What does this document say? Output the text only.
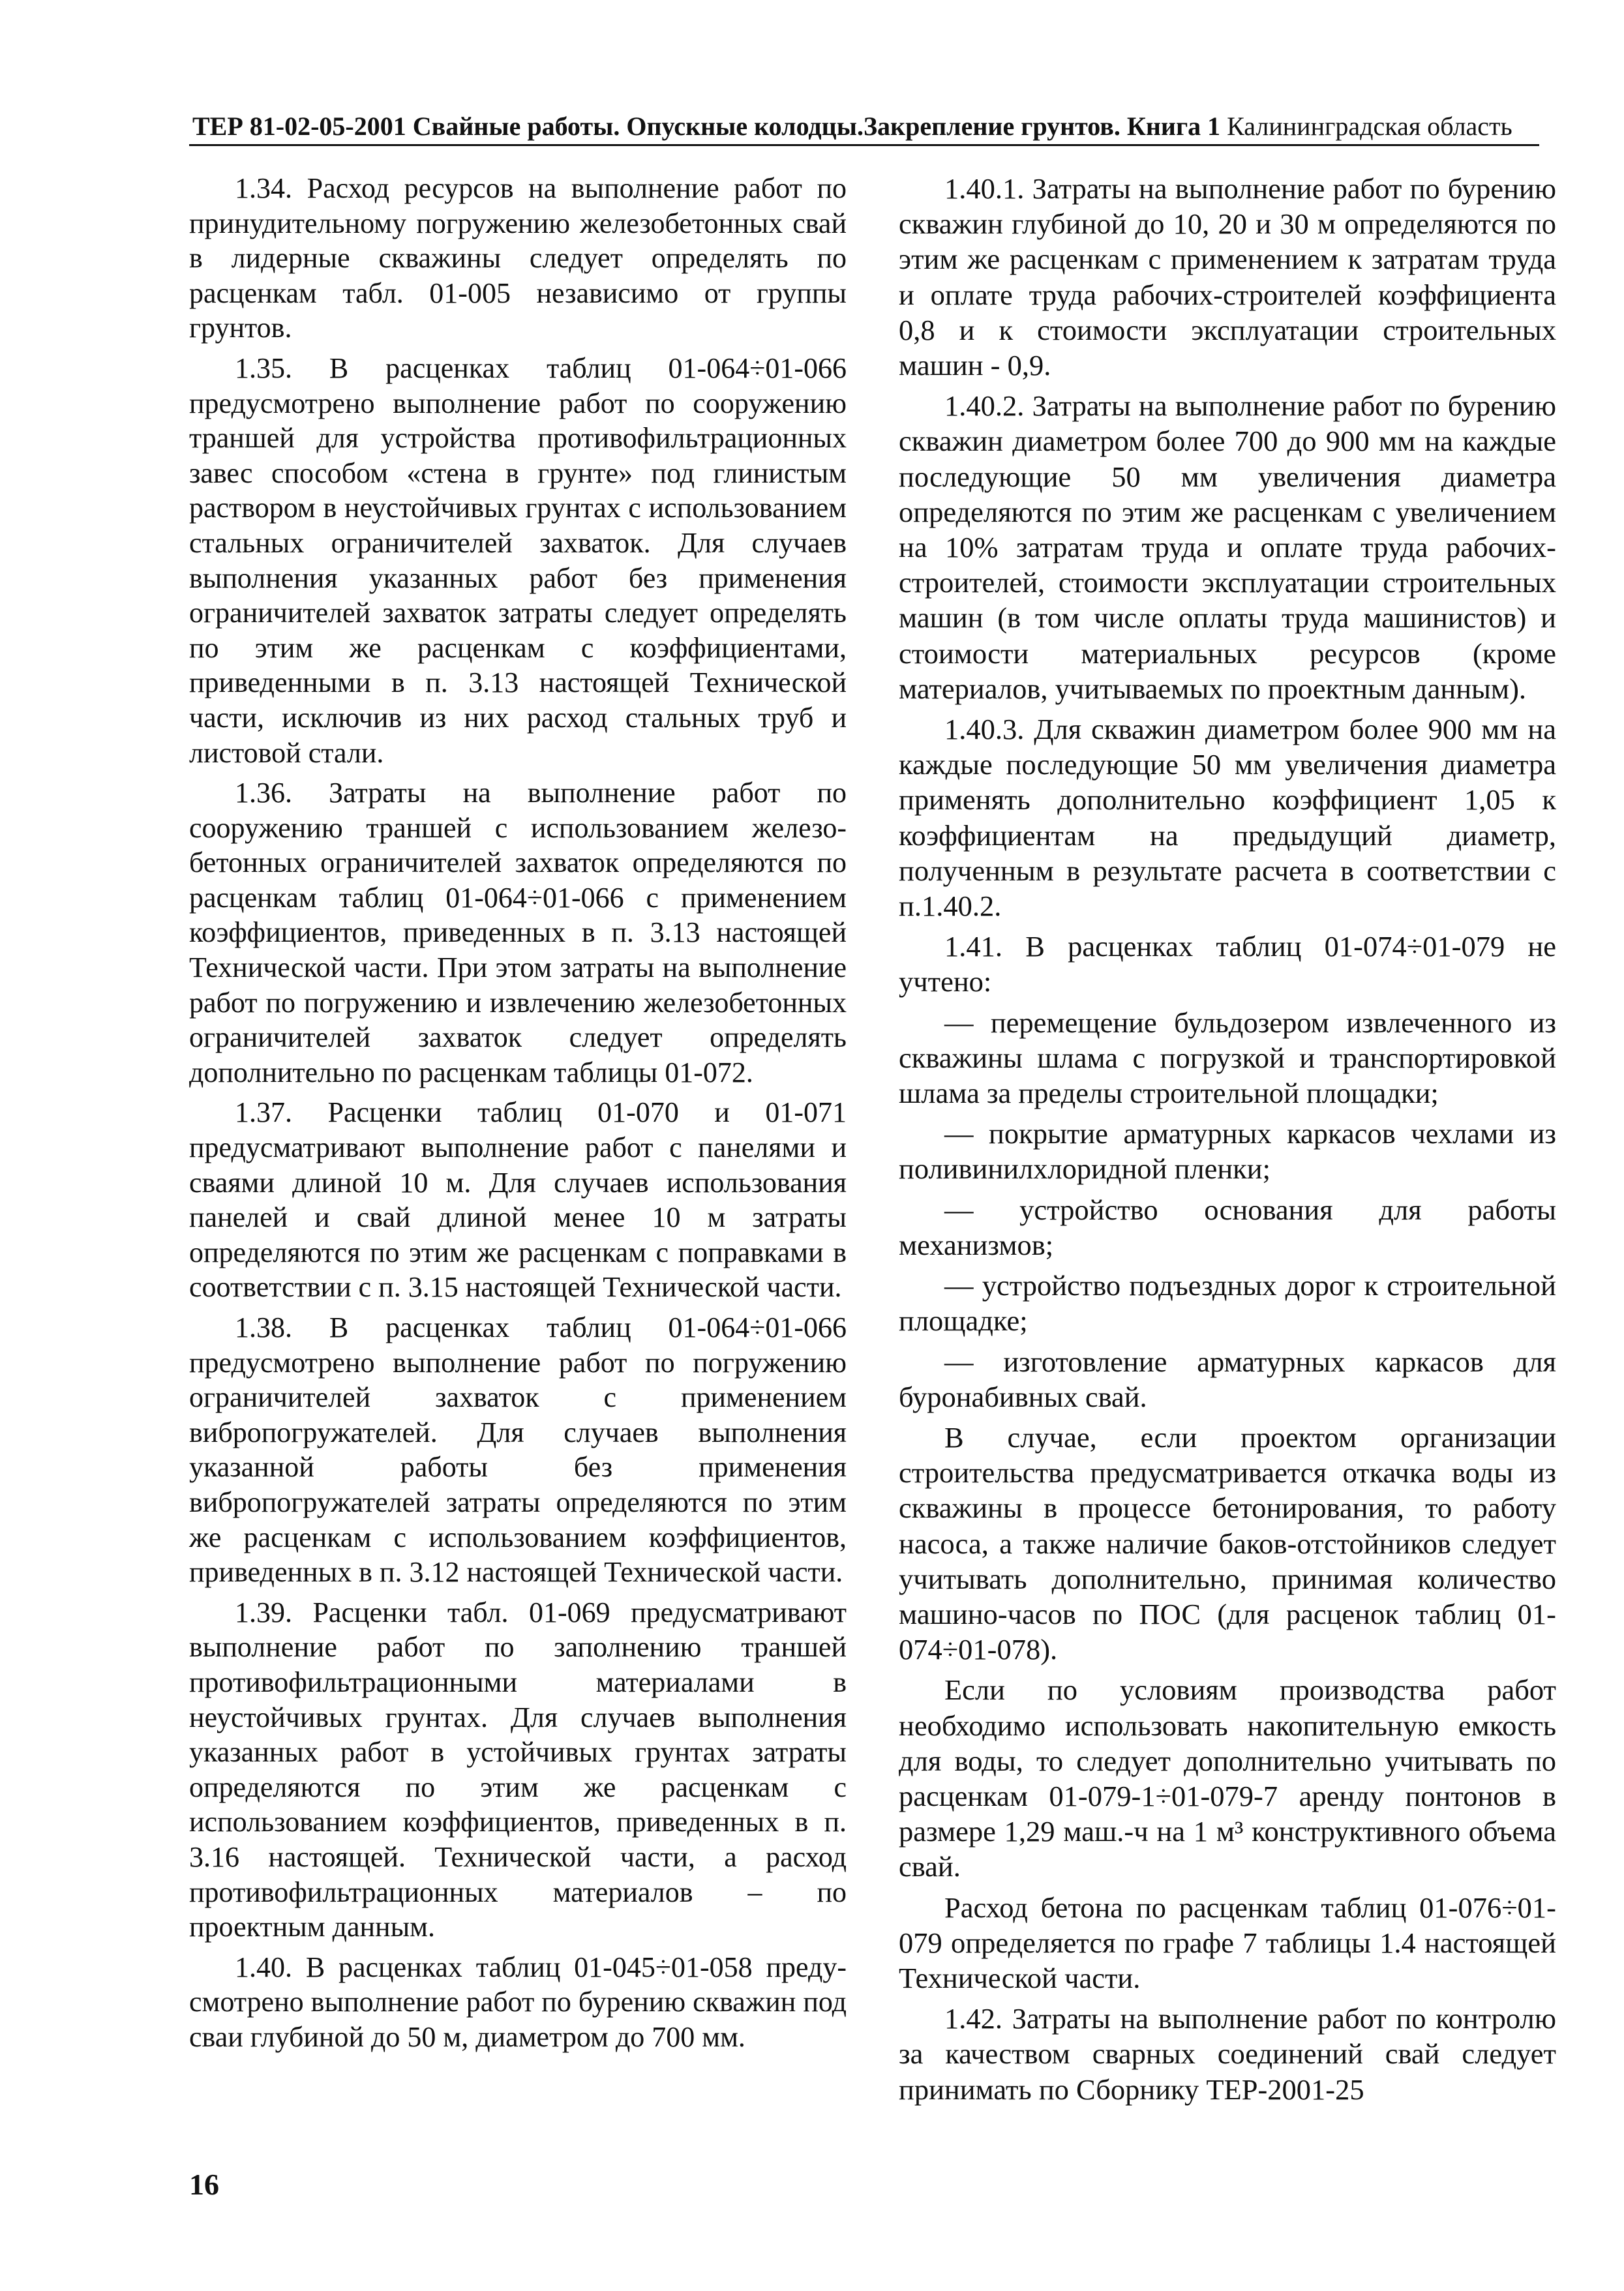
ТЕР 81-02-05-2001 Свайные работы. Опускные колодцы.Закрепление грунтов. Книга 1 Калининградская область

1.34. Расход ресурсов на выполнение работ по принудительному погружению железобетонных свай в лидерные скважины следует определять по расценкам табл. 01-005 независимо от группы грунтов.

1.35. В расценках таблиц 01-064÷01-066 предусмотрено выполнение работ по сооружению траншей для устройства противофильтрационных завес способом «стена в грунте» под глинистым раствором в неустойчивых грунтах с использованием стальных ограничителей захваток. Для случаев выполнения указанных работ без применения ограничителей захваток затраты следует определять по этим же расценкам с коэффициентами, приведенными в п. 3.13 настоящей Технической части, исключив из них расход стальных труб и листовой стали.

1.36. Затраты на выполнение работ по сооружению траншей с использованием железо-бетонных ограничителей захваток определяются по расценкам таблиц 01-064÷01-066 с применением коэффициентов, приведенных в п. 3.13 настоящей Технической части. При этом затраты на выполнение работ по погружению и извлечению железобетонных ограничителей захваток следует определять дополнительно по расценкам таблицы 01-072.

1.37. Расценки таблиц 01-070 и 01-071 предусматривают выполнение работ с панелями и сваями длиной 10 м. Для случаев использования панелей и свай длиной менее 10 м затраты определяются по этим же расценкам с поправками в соответствии с п. 3.15 настоящей Технической части.

1.38. В расценках таблиц 01-064÷01-066 предусмотрено выполнение работ по погружению ограничителей захваток с применением вибропогружателей. Для случаев выполнения указанной работы без применения вибропогружателей затраты определяются по этим же расценкам с использованием коэффициентов, приведенных в п. 3.12 настоящей Технической части.

1.39. Расценки табл. 01-069 предусматривают выполнение работ по заполнению траншей противофильтрационными материалами в неустойчивых грунтах. Для случаев выполнения указанных работ в устойчивых грунтах затраты определяются по этим же расценкам с использованием коэффициентов, приведенных в п. 3.16 настоящей. Технической части, а расход противофильтрационных материалов – по проектным данным.

1.40. В расценках таблиц 01-045÷01-058 преду-смотрено выполнение работ по бурению скважин под сваи глубиной до 50 м, диаметром до 700 мм.

1.40.1. Затраты на выполнение работ по бурению скважин глубиной до 10, 20 и 30 м определяются по этим же расценкам с применением к затратам труда и оплате труда рабочих-строителей коэффициента 0,8 и к стоимости эксплуатации строительных машин - 0,9.

1.40.2. Затраты на выполнение работ по бурению скважин диаметром более 700 до 900 мм на каждые последующие 50 мм увеличения диаметра определяются по этим же расценкам с увеличением на 10% затратам труда и оплате труда рабочих-строителей, стоимости эксплуатации строительных машин (в том числе оплаты труда машинистов) и стоимости материальных ресурсов (кроме материалов, учитываемых по проектным данным).

1.40.3. Для скважин диаметром более 900 мм на каждые последующие 50 мм увеличения диаметра применять дополнительно коэффициент 1,05 к коэффициентам на предыдущий диаметр, полученным в результате расчета в соответствии с п.1.40.2.

1.41. В расценках таблиц 01-074÷01-079 не учтено:

— перемещение бульдозером извлеченного из скважины шлама с погрузкой и транспортировкой шлама за пределы строительной площадки;

— покрытие арматурных каркасов чехлами из поливинилхлоридной пленки;

— устройство основания для работы механизмов;

— устройство подъездных дорог к строительной площадке;

— изготовление арматурных каркасов для буронабивных свай.

В случае, если проектом организации строительства предусматривается откачка воды из скважины в процессе бетонирования, то работу насоса, а также наличие баков-отстойников следует учитывать дополнительно, принимая количество машино-часов по ПОС (для расценок таблиц 01-074÷01-078).

Если по условиям производства работ необходимо использовать накопительную емкость для воды, то следует дополнительно учитывать по расценкам 01-079-1÷01-079-7 аренду понтонов в размере 1,29 маш.-ч на 1 м³ конструктивного объема свай.

Расход бетона по расценкам таблиц 01-076÷01-079 определяется по графе 7 таблицы 1.4 настоящей Технической части.

1.42. Затраты на выполнение работ по контролю за качеством сварных соединений свай следует принимать по Сборнику ТЕР-2001-25

16
